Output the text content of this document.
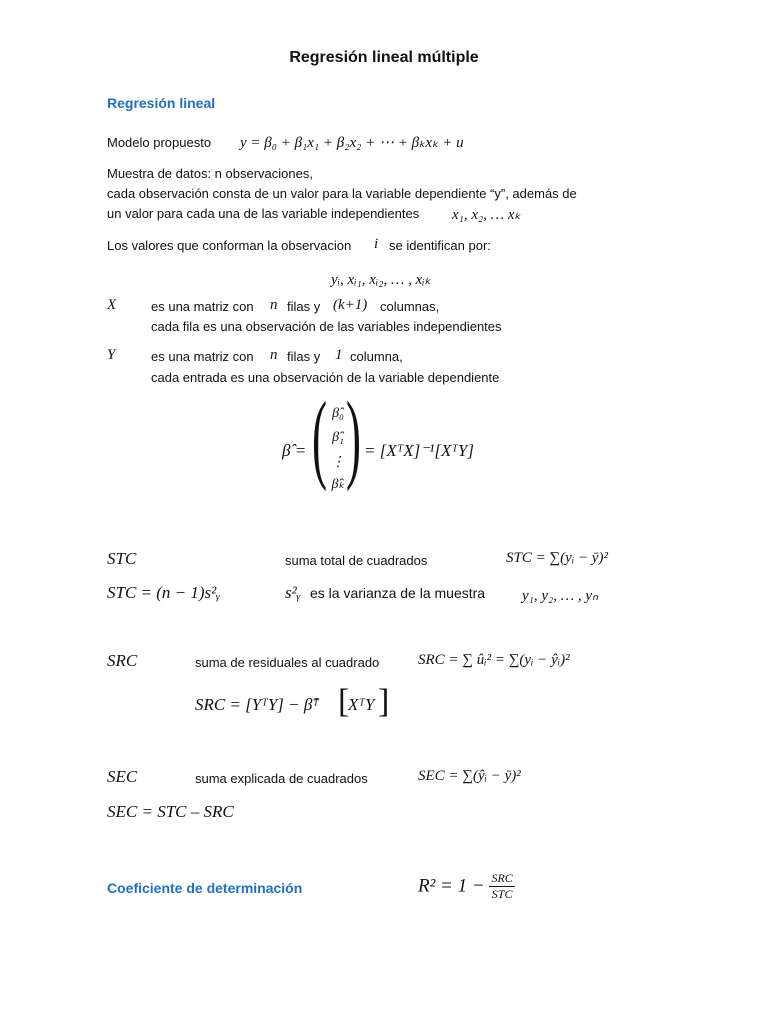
Regresión lineal múltiple
Regresión lineal
Modelo propuesto y = β₀ + β₁x₁ + β₂x₂ + ⋯ + βₖxₖ + u
Muestra de datos: n observaciones,
cada observación consta de un valor para la variable dependiente “y”, además de
un valor para cada una de las variable independientes x₁, x₂, … xₖ
Los valores que conforman la observacion i se identifican por:
yᵢ, xᵢ₁, xᵢ₂, … , xᵢₖ
X	es una matriz con n filas y (k+1) columnas,
cada fila es una observación de las variables independientes
Y	es una matriz con n filas y 1 columna,
cada entrada es una observación de la variable dependiente
β̂ = ( β̂₀
β̂₁
⋮
β̂ₖ ) = [XᵀX]⁻¹[XᵀY]
STC	suma total de cuadrados	STC = ∑(yᵢ − ȳ)²
STC = (n − 1)s²ᵧ	s²ᵧ es la varianza de la muestra y₁, y₂, … , yₙ
SRC	suma de residuales al cuadrado	SRC = ∑ ûᵢ² = ∑(yᵢ − ŷᵢ)²
SRC = [YᵀY] − β̂ᵀ [
XᵀY ]
SEC	suma explicada de cuadrados	SEC = ∑(ŷᵢ − ȳ)²
SEC = STC – SRC
Coeficiente de determinación	$R^2 = 1 - \frac{\text{SRC}}{\text{STC}}$
